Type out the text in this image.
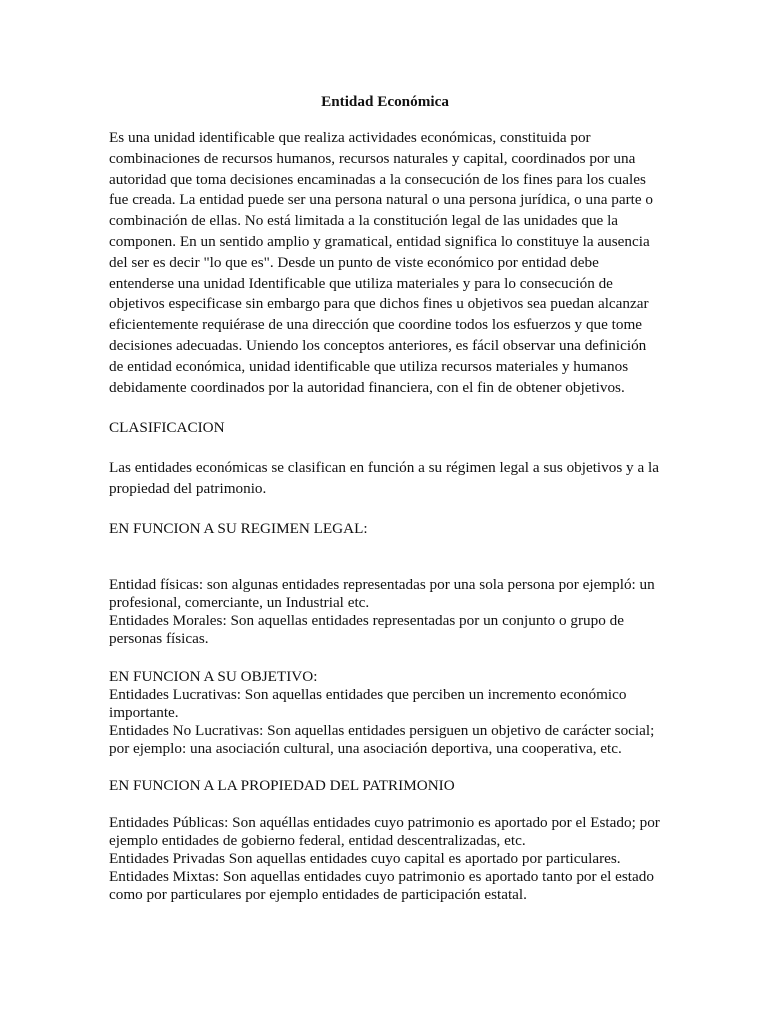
Entidad Económica

Es una unidad identificable que realiza actividades económicas, constituida por combinaciones de recursos humanos, recursos naturales y capital, coordinados por una autoridad que toma decisiones encaminadas a la consecución de los fines para los cuales fue creada. La entidad puede ser una persona natural o una persona jurídica, o una parte o combinación de ellas. No está limitada a la constitución legal de las unidades que la componen. En un sentido amplio y gramatical, entidad significa lo constituye la ausencia del ser es decir "lo que es". Desde un punto de viste económico por entidad debe entenderse una unidad Identificable que utiliza materiales y para lo consecución de objetivos especificase sin embargo para que dichos fines u objetivos sea puedan alcanzar eficientemente requiérase de una dirección que coordine todos los esfuerzos y que tome decisiones adecuadas. Uniendo los conceptos anteriores, es fácil observar una definición de entidad económica, unidad identificable que utiliza recursos materiales y humanos debidamente coordinados por la autoridad financiera, con el fin de obtener objetivos.

CLASIFICACION

Las entidades económicas se clasifican en función a su régimen legal a sus objetivos y a la propiedad del patrimonio.

EN FUNCION A SU REGIMEN LEGAL:

Entidad físicas: son algunas entidades representadas por una sola persona por ejempló: un profesional, comerciante, un Industrial etc.

Entidades Morales: Son aquellas entidades representadas por un conjunto o grupo de personas físicas.

EN FUNCION A SU OBJETIVO:

Entidades Lucrativas: Son aquellas entidades que perciben un incremento económico importante.

Entidades No Lucrativas: Son aquellas entidades persiguen un objetivo de carácter social; por ejemplo: una asociación cultural, una asociación deportiva, una cooperativa, etc.

EN FUNCION A LA PROPIEDAD DEL PATRIMONIO

Entidades Públicas: Son aquéllas entidades cuyo patrimonio es aportado por el Estado; por ejemplo entidades de gobierno federal, entidad descentralizadas, etc.

Entidades Privadas Son aquellas entidades cuyo capital es aportado por particulares.

Entidades Mixtas: Son aquellas entidades cuyo patrimonio es aportado tanto por el estado como por particulares por ejemplo entidades de participación estatal.
